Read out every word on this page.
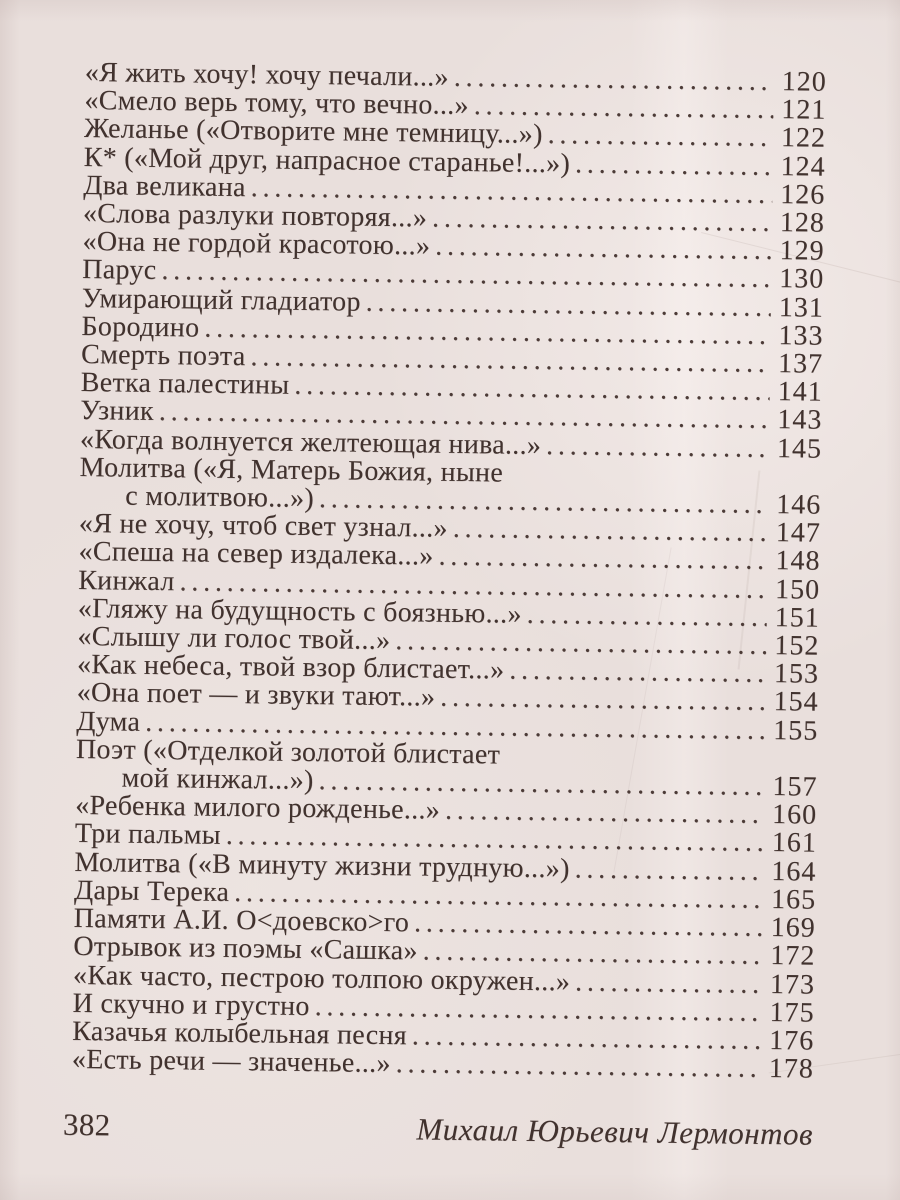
«Я жить хочу! хочу печали...» .....	120
«Смело верь тому, что вечно...» .....	121
Желанье («Отворите мне темницу...») .....	122
К* («Мой друг, напрасное старанье!...») .....	124
Два великана .....	126
«Слова разлуки повторяя...» .....	128
«Она не гордой красотою...» .....	129
Парус .....	130
Умирающий гладиатор .....	131
Бородино .....	133
Смерть поэта .....	137
Ветка палестины .....	141
Узник .....	143
«Когда волнуется желтеющая нива...» .....	145
Молитва («Я, Матерь Божия, ныне
с молитвою...») .....	146
«Я не хочу, чтоб свет узнал...» .....	147
«Спеша на север издалека...» .....	148
Кинжал .....	150
«Гляжу на будущность с боязнью...» .....	151
«Слышу ли голос твой...» .....	152
«Как небеса, твой взор блистает...» .....	153
«Она поет — и звуки тают...» .....	154
Дума .....	155
Поэт («Отделкой золотой блистает
мой кинжал...») .....	157
«Ребенка милого рожденье...» .....	160
Три пальмы .....	161
Молитва («В минуту жизни трудную...») .....	164
Дары Терека .....	165
Памяти А.И. О<доевско>го .....	169
Отрывок из поэмы «Сашка» .....	172
«Как часто, пестрою толпою окружен...» .....	173
И скучно и грустно .....	175
Казачья колыбельная песня .....	176
«Есть речи — значенье...» .....	178
382	Михаил Юрьевич Лермонтов
